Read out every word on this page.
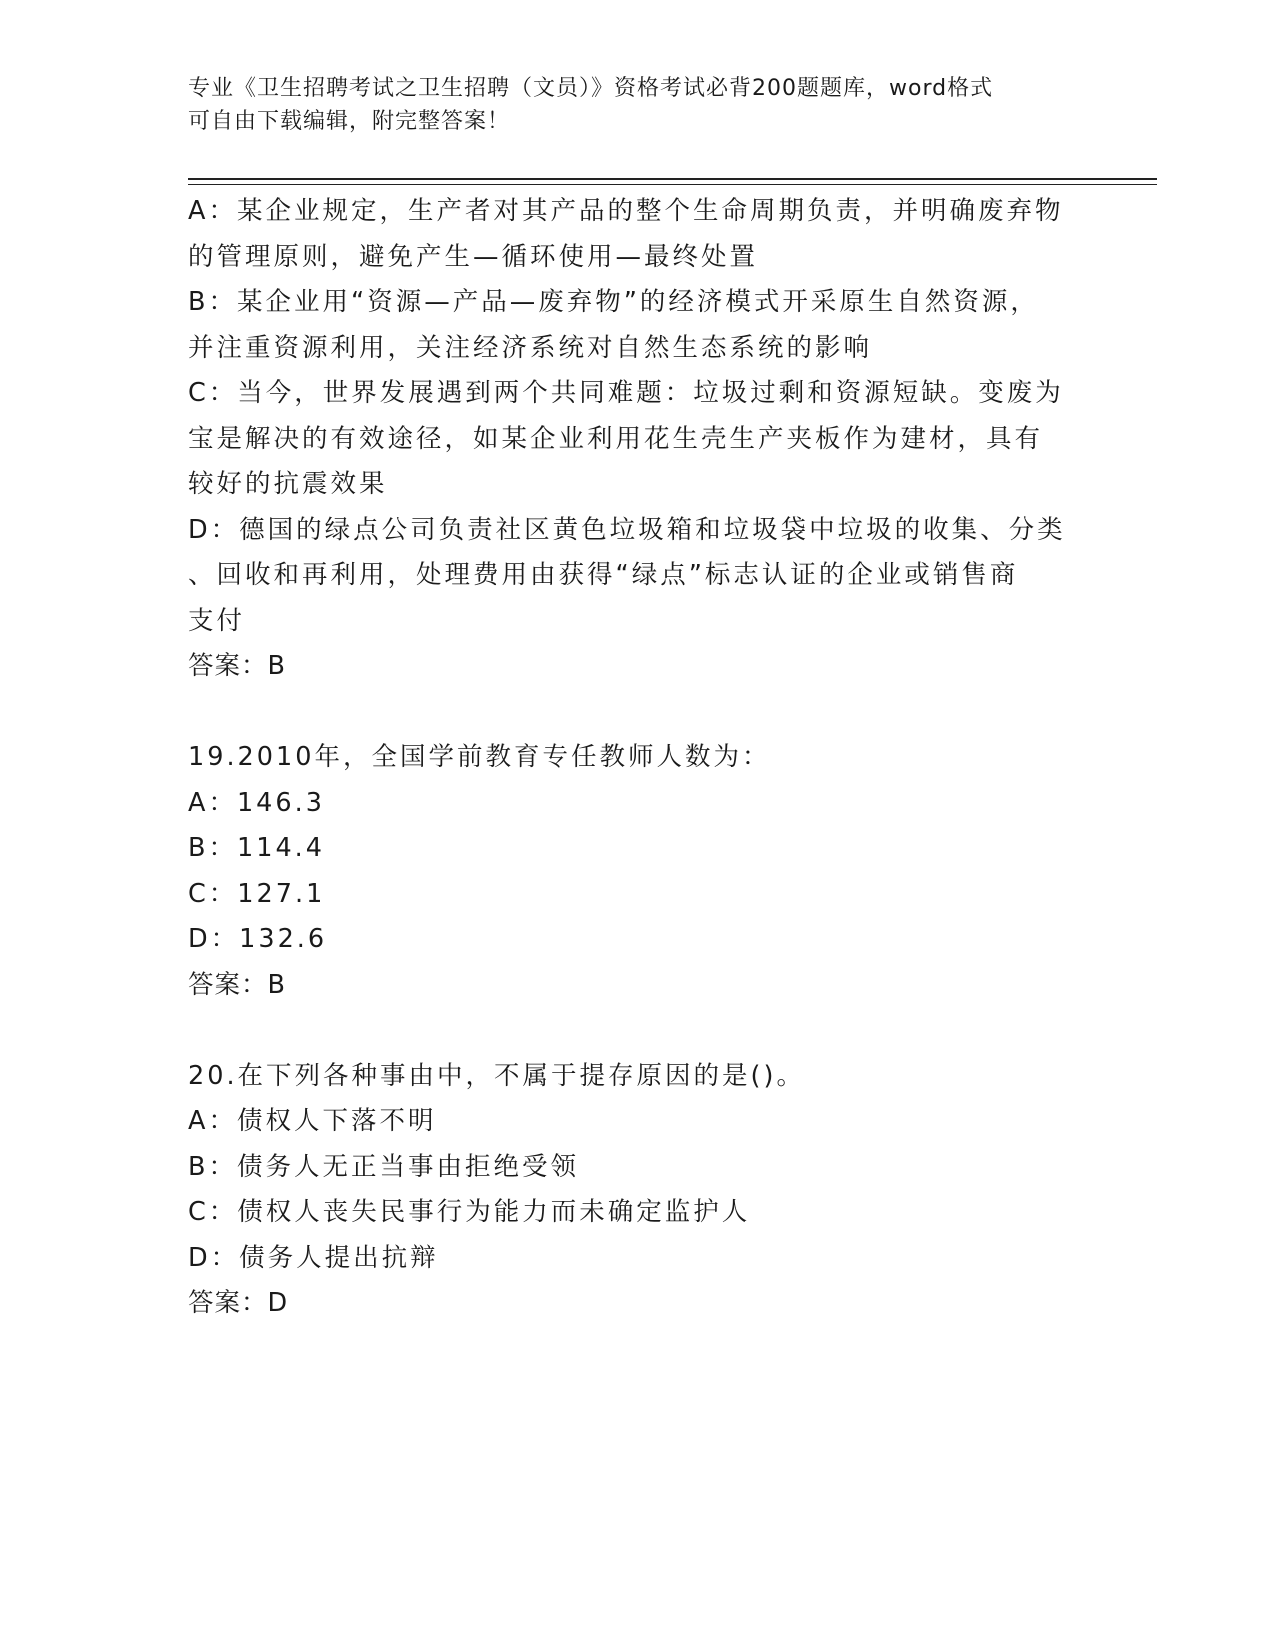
专业《卫生招聘考试之卫生招聘（文员）》资格考试必背200题题库，word格式
可自由下载编辑，附完整答案！

A：某企业规定，生产者对其产品的整个生命周期负责，并明确废弃物

的管理原则，避免产生—循环使用—最终处置

B：某企业用“资源—产品—废弃物”的经济模式开采原生自然资源，

并注重资源利用，关注经济系统对自然生态系统的影响

C：当今，世界发展遇到两个共同难题：垃圾过剩和资源短缺。变废为

宝是解决的有效途径，如某企业利用花生壳生产夹板作为建材，具有

较好的抗震效果

D：德国的绿点公司负责社区黄色垃圾箱和垃圾袋中垃圾的收集、分类

、回收和再利用，处理费用由获得“绿点”标志认证的企业或销售商

支付

答案：B

19.2010年，全国学前教育专任教师人数为：

A：146.3

B：114.4

C：127.1

D：132.6

答案：B

20.在下列各种事由中，不属于提存原因的是()。

A：债权人下落不明

B：债务人无正当事由拒绝受领

C：债权人丧失民事行为能力而未确定监护人

D：债务人提出抗辩

答案：D
